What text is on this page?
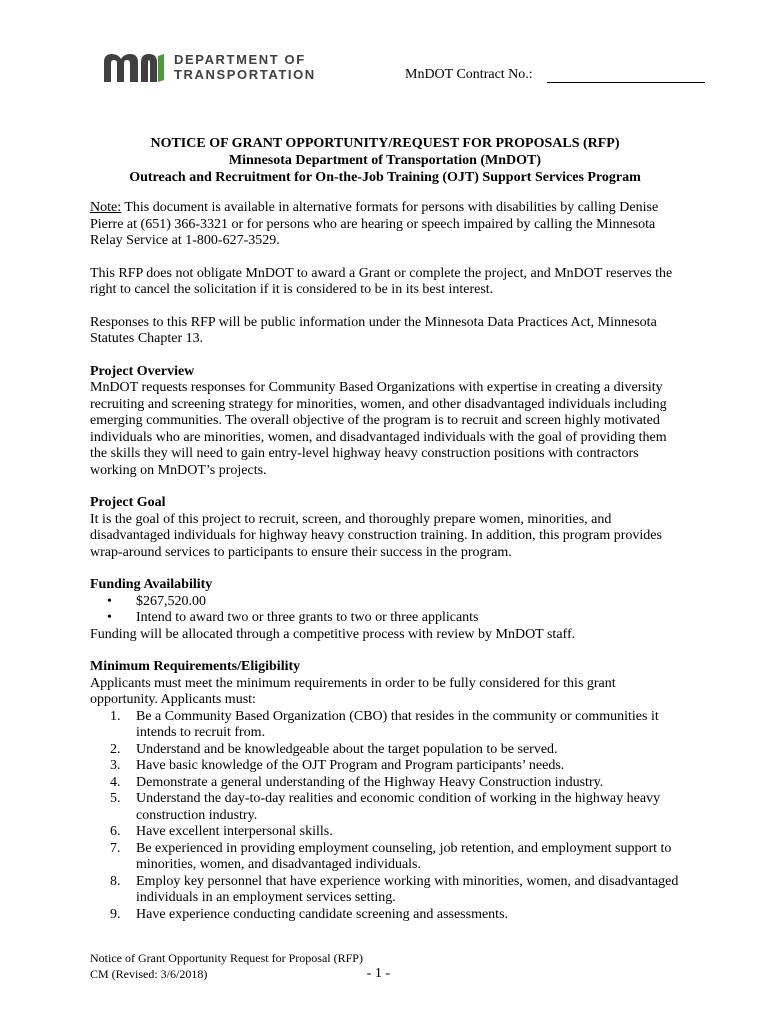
DEPARTMENT OF
TRANSPORTATION	MnDOT Contract No.:
NOTICE OF GRANT OPPORTUNITY/REQUEST FOR PROPOSALS (RFP)
Minnesota Department of Transportation (MnDOT)
Outreach and Recruitment for On-the-Job Training (OJT) Support Services Program

Note: This document is available in alternative formats for persons with disabilities by calling Denise Pierre at (651) 366-3321 or for persons who are hearing or speech impaired by calling the Minnesota Relay Service at 1-800-627-3529.

This RFP does not obligate MnDOT to award a Grant or complete the project, and MnDOT reserves the right to cancel the solicitation if it is considered to be in its best interest.

Responses to this RFP will be public information under the Minnesota Data Practices Act, Minnesota Statutes Chapter 13.

Project Overview
MnDOT requests responses for Community Based Organizations with expertise in creating a diversity recruiting and screening strategy for minorities, women, and other disadvantaged individuals including emerging communities. The overall objective of the program is to recruit and screen highly motivated individuals who are minorities, women, and disadvantaged individuals with the goal of providing them the skills they will need to gain entry-level highway heavy construction positions with contractors working on MnDOT’s projects.
Project Goal
It is the goal of this project to recruit, screen, and thoroughly prepare women, minorities, and disadvantaged individuals for highway heavy construction training. In addition, this program provides wrap-around services to participants to ensure their success in the program.
Funding Availability
• $267,520.00
• Intend to award two or three grants to two or three applicants
Funding will be allocated through a competitive process with review by MnDOT staff.
Minimum Requirements/Eligibility
Applicants must meet the minimum requirements in order to be fully considered for this grant opportunity. Applicants must:
1. Be a Community Based Organization (CBO) that resides in the community or communities it intends to recruit from.
2. Understand and be knowledgeable about the target population to be served.
3. Have basic knowledge of the OJT Program and Program participants’ needs.
4. Demonstrate a general understanding of the Highway Heavy Construction industry.
5. Understand the day-to-day realities and economic condition of working in the highway heavy construction industry.
6. Have excellent interpersonal skills.
7. Be experienced in providing employment counseling, job retention, and employment support to minorities, women, and disadvantaged individuals.
8. Employ key personnel that have experience working with minorities, women, and disadvantaged individuals in an employment services setting.
9. Have experience conducting candidate screening and assessments.
Notice of Grant Opportunity Request for Proposal (RFP)
CM (Revised: 3/6/2018)	- 1 -
